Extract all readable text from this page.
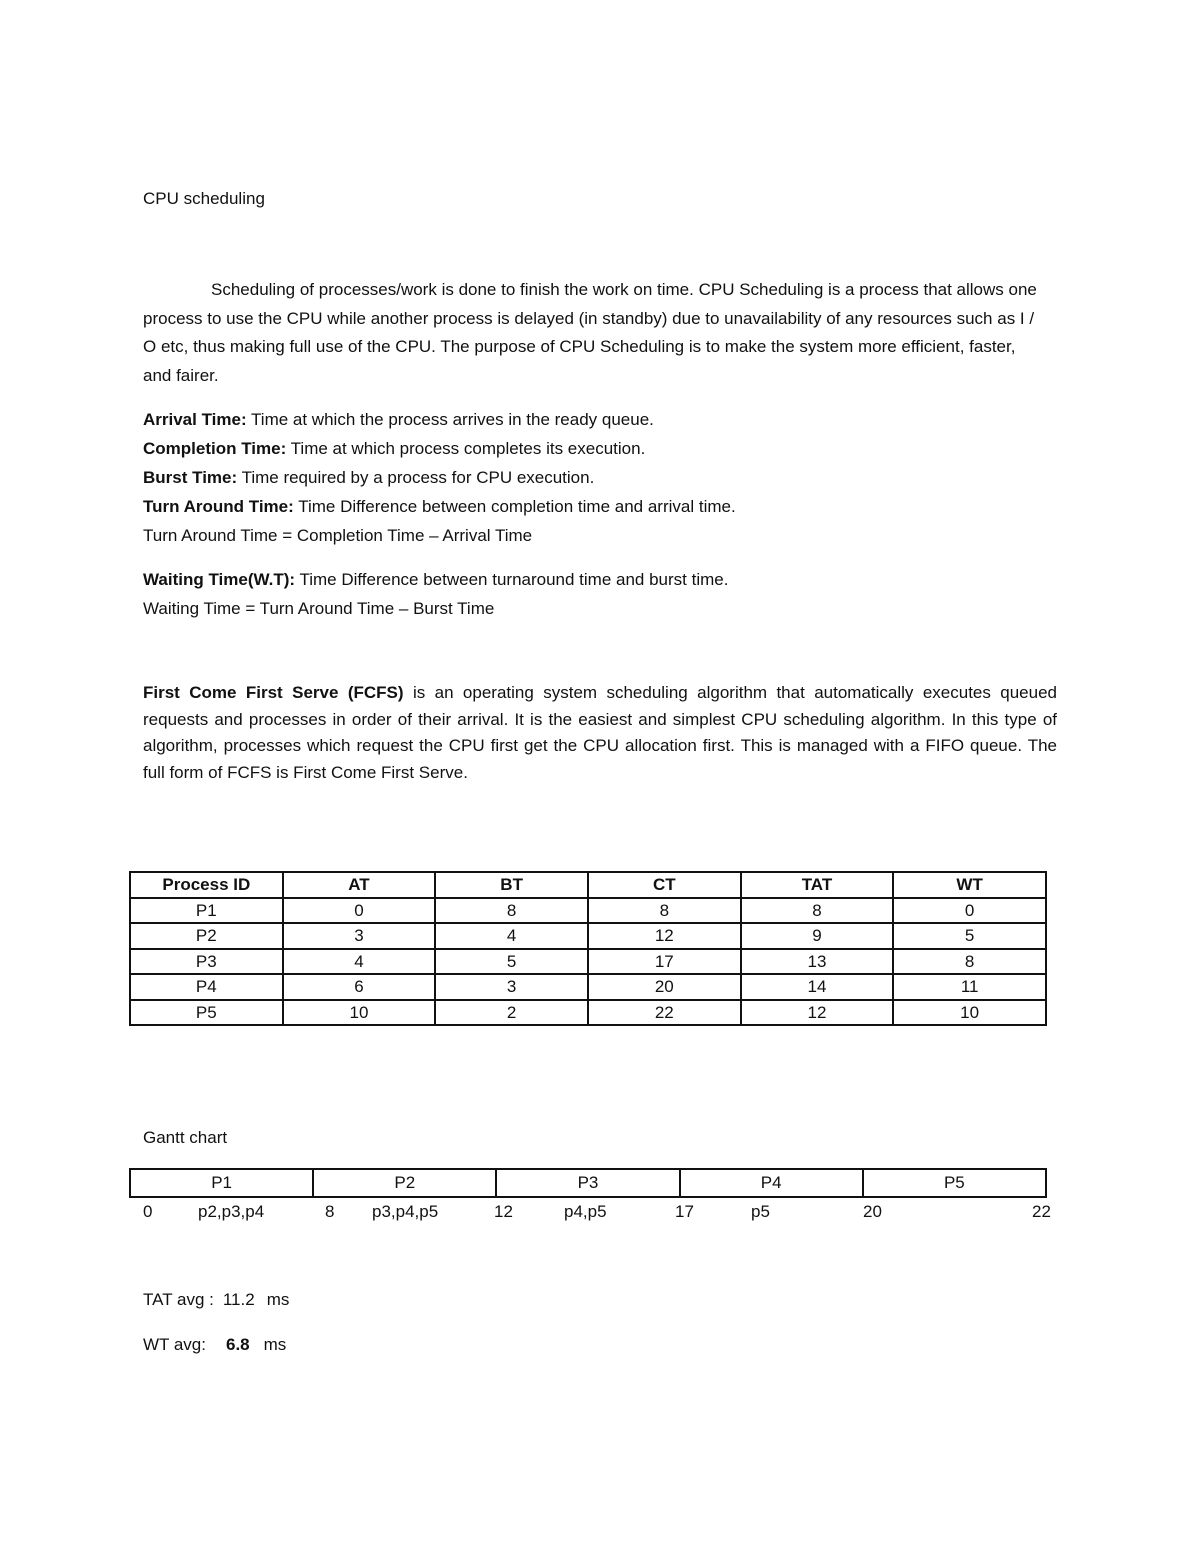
CPU scheduling
Scheduling of processes/work is done to finish the work on time. CPU Scheduling is a process that allows one process to use the CPU while another process is delayed (in standby) due to unavailability of any resources such as I / O etc, thus making full use of the CPU. The purpose of CPU Scheduling is to make the system more efficient, faster, and fairer.
Arrival Time: Time at which the process arrives in the ready queue.
Completion Time: Time at which process completes its execution.
Burst Time: Time required by a process for CPU execution.
Turn Around Time: Time Difference between completion time and arrival time.
Turn Around Time = Completion Time – Arrival Time
Waiting Time(W.T): Time Difference between turnaround time and burst time.
Waiting Time = Turn Around Time – Burst Time
First Come First Serve (FCFS) is an operating system scheduling algorithm that automatically executes queued requests and processes in order of their arrival. It is the easiest and simplest CPU scheduling algorithm. In this type of algorithm, processes which request the CPU first get the CPU allocation first. This is managed with a FIFO queue. The full form of FCFS is First Come First Serve.
Process ID	AT	BT	CT	TAT	WT
P1	0	8	8	8	0
P2	3	4	12	9	5
P3	4	5	17	13	8
P4	6	3	20	14	11
P5	10	2	22	12	10
Gantt chart
P1	P2	P3	P4	P5
0	p2,p3,p4	8 p3,p4,p5	12	p4,p5	17	p5	20	22
TAT avg : 11.2 ms
WT avg: 6.8 ms
